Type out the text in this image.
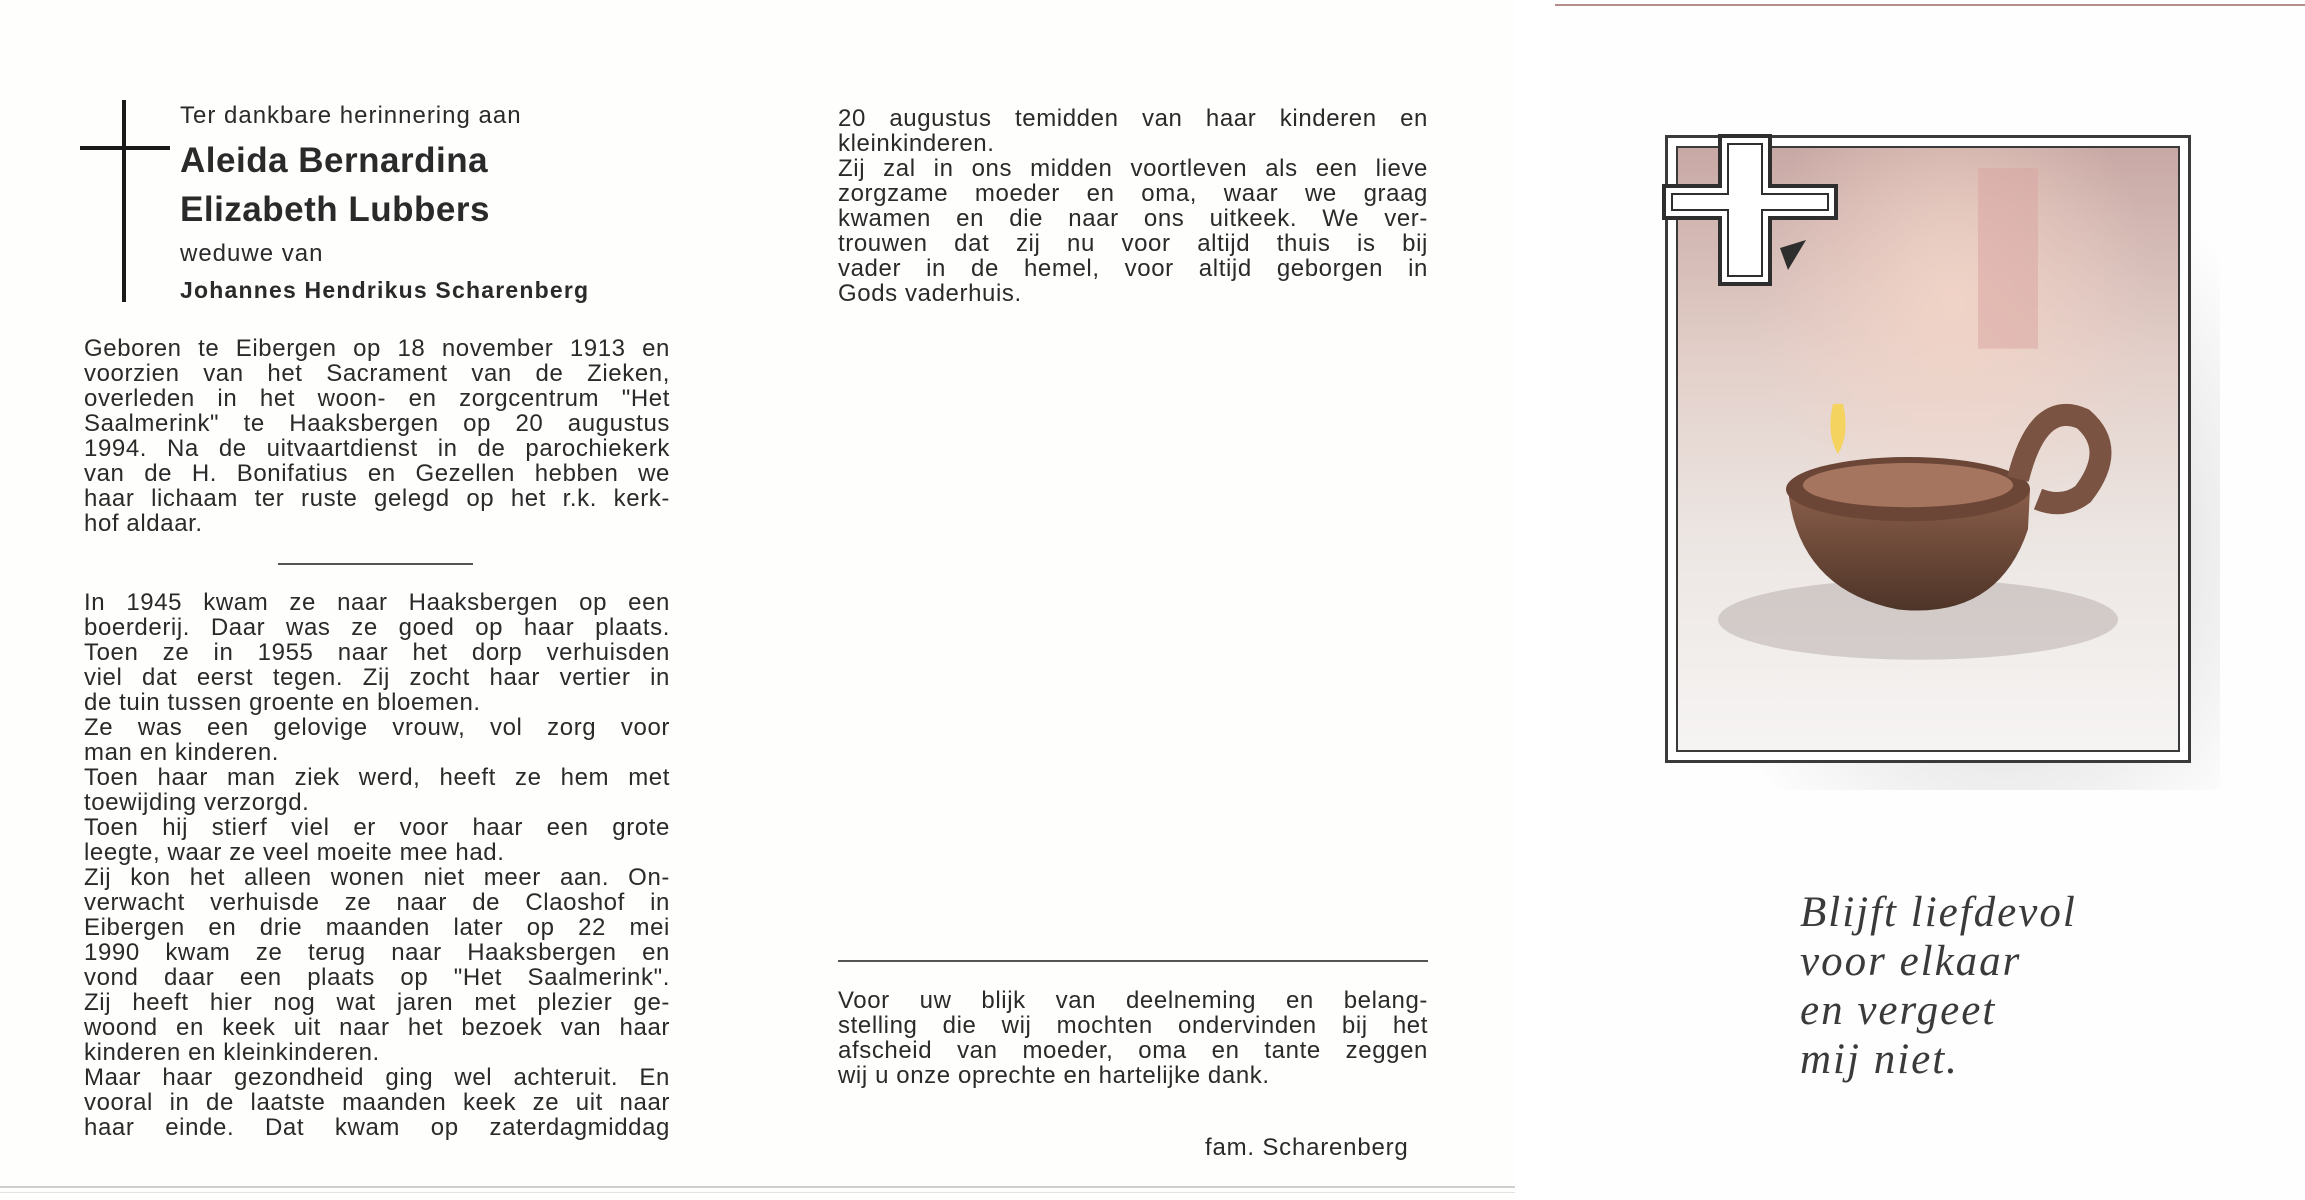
Ter dankbare herinnering aan

Aleida Bernardina

Elizabeth Lubbers

weduwe van

Johannes Hendrikus Scharenberg

Geboren te Eibergen op 18 november 1913 en
voorzien van het Sacrament van de Zieken,
overleden in het woon- en zorgcentrum "Het
Saalmerink" te Haaksbergen op 20 augustus
1994. Na de uitvaartdienst in de parochiekerk
van de H. Bonifatius en Gezellen hebben we
haar lichaam ter ruste gelegd op het r.k. kerk-
hof aldaar.
In 1945 kwam ze naar Haaksbergen op een
boerderij. Daar was ze goed op haar plaats.
Toen ze in 1955 naar het dorp verhuisden
viel dat eerst tegen. Zij zocht haar vertier in
de tuin tussen groente en bloemen.
Ze was een gelovige vrouw, vol zorg voor
man en kinderen.
Toen haar man ziek werd, heeft ze hem met
toewijding verzorgd.
Toen hij stierf viel er voor haar een grote
leegte, waar ze veel moeite mee had.
Zij kon het alleen wonen niet meer aan. On-
verwacht verhuisde ze naar de Claoshof in
Eibergen en drie maanden later op 22 mei
1990 kwam ze terug naar Haaksbergen en
vond daar een plaats op "Het Saalmerink".
Zij heeft hier nog wat jaren met plezier ge-
woond en keek uit naar het bezoek van haar
kinderen en kleinkinderen.
Maar haar gezondheid ging wel achteruit. En
vooral in de laatste maanden keek ze uit naar
haar einde. Dat kwam op zaterdagmiddag
20 augustus temidden van haar kinderen en
kleinkinderen.
Zij zal in ons midden voortleven als een lieve
zorgzame moeder en oma, waar we graag
kwamen en die naar ons uitkeek. We ver-
trouwen dat zij nu voor altijd thuis is bij
vader in de hemel, voor altijd geborgen in
Gods vaderhuis.
Voor uw blijk van deelneming en belang-
stelling die wij mochten ondervinden bij het
afscheid van moeder, oma en tante zeggen
wij u onze oprechte en hartelijke dank.

fam. Scharenberg

Blijft liefdevol
voor elkaar
en vergeet
mij niet.
